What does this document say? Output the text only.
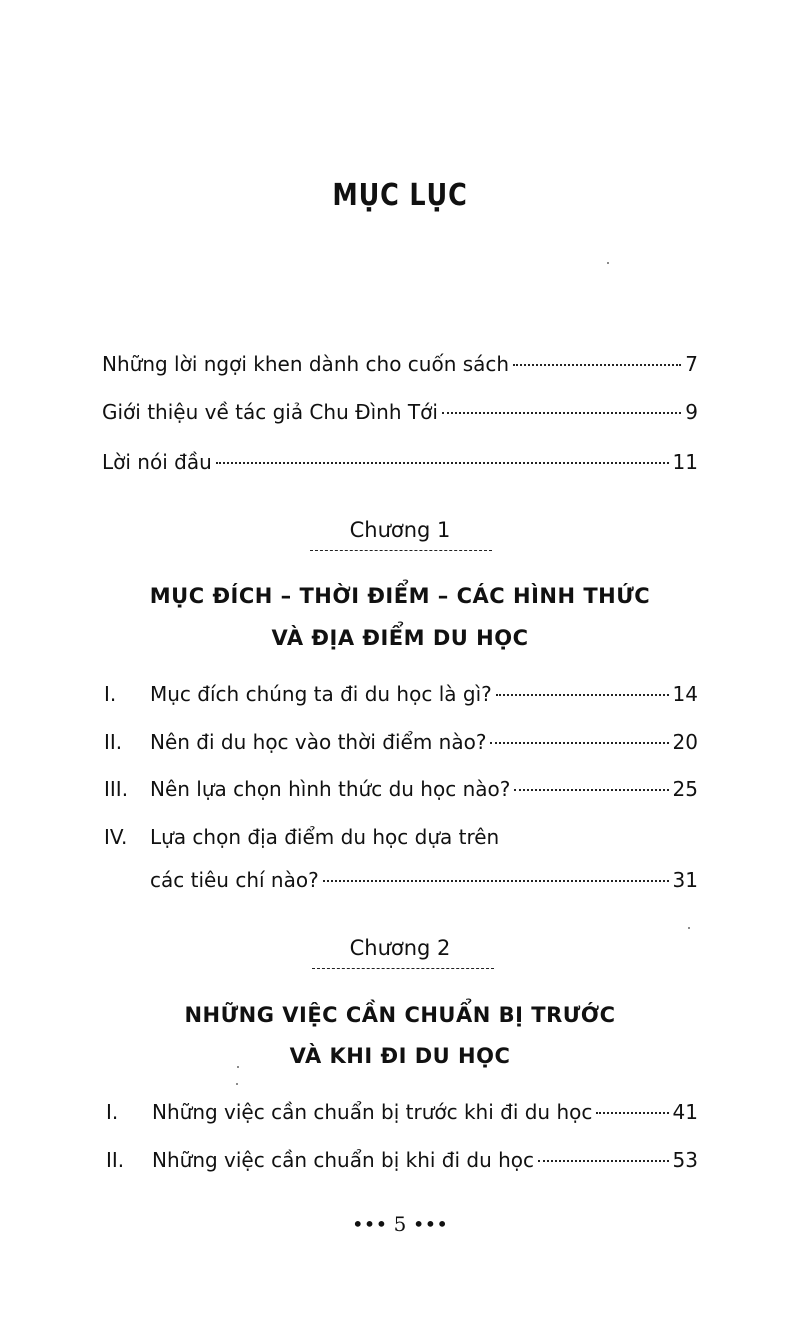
MỤC LỤC
Những lời ngợi khen dành cho cuốn sách	7
Giới thiệu về tác giả Chu Đình Tới	9
Lời nói đầu	11
Chương 1
MỤC ĐÍCH – THỜI ĐIỂM – CÁC HÌNH THỨC
VÀ ĐỊA ĐIỂM DU HỌC
I.	Mục đích chúng ta đi du học là gì?	14
II.	Nên đi du học vào thời điểm nào?	20
III.	Nên lựa chọn hình thức du học nào?	25
IV. Lựa chọn địa điểm du học dựa trên
các tiêu chí nào?	31
Chương 2
NHỮNG VIỆC CẦN CHUẨN BỊ TRƯỚC
VÀ KHI ĐI DU HỌC
I.	Những việc cần chuẩn bị trước khi đi du học	41
II.	Những việc cần chuẩn bị khi đi du học	53
••• 5 •••
